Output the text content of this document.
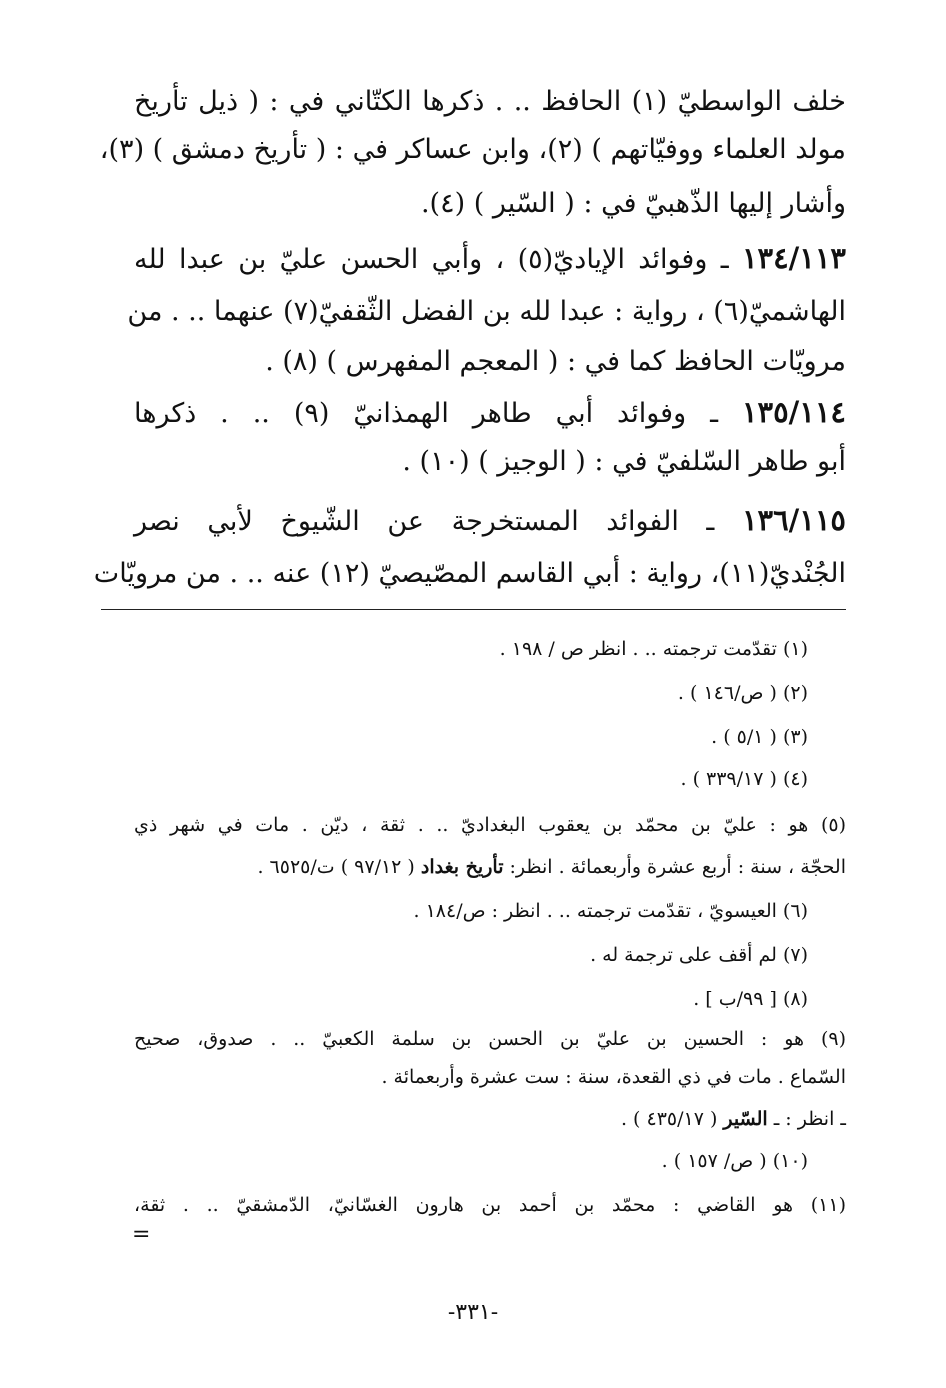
خلف الواسطيّ (١) الحافظ .. . ذكرها الكتّاني في : ( ذيل تأريخ
مولد العلماء ووفيّاتهم ) (٢)، وابن عساكر في : ( تأريخ دمشق ) (٣)،
وأشار إليها الذّهبيّ في : ( السّير ) (٤).
١٣٤/١١٣ ـ وفوائد الإياديّ(٥) ، وأبي الحسن عليّ بن عبدا لله
الهاشميّ(٦) ، رواية : عبدا لله بن الفضل الثّقفيّ(٧) عنهما .. . من
مرويّات الحافظ كما في : ( المعجم المفهرس ) (٨) .
١٣٥/١١٤ ـ وفوائد أبي طاهر الهمذانيّ (٩) .. . ذكرها
أبو طاهر السّلفيّ في : ( الوجيز ) (١٠) .
١٣٦/١١٥ ـ الفوائد المستخرجة عن الشّيوخ لأبي نصر
الجُنْديّ(١١)، رواية : أبي القاسم المصّيصيّ (١٢) عنه .. . من مرويّات
(١) تقدّمت ترجمته .. . انظر ص / ١٩٨ .
(٢) ( ص/١٤٦ ) .
(٣) ( ٥/١ ) .
(٤) ( ٣٣٩/١٧ ) .
(٥) هو : عليّ بن محمّد بن يعقوب البغداديّ .. . ثقة ، ديّن . مات في شهر ذي
الحجّة ، سنة : أربع عشرة وأربعمائة . انظر: تأريخ بغداد ( ٩٧/١٢ ) ت/٦٥٢٥ .
(٦) العيسويّ ، تقدّمت ترجمته .. . انظر : ص/١٨٤ .
(٧) لم أقف على ترجمة له .
(٨) [ ٩٩/ب ] .
(٩) هو : الحسين بن عليّ بن الحسن بن سلمة الكعبيّ .. . صدوق، صحيح
السّماع . مات في ذي القعدة، سنة : ست عشرة وأربعمائة .
ـ انظر : ـ السّير ( ٤٣٥/١٧ ) .
(١٠) ( ص/ ١٥٧ ) .
(١١) هو القاضي : محمّد بن أحمد بن هارون الغسّانيّ، الدّمشقيّ .. . ثقة،
=
-٣٣١-
